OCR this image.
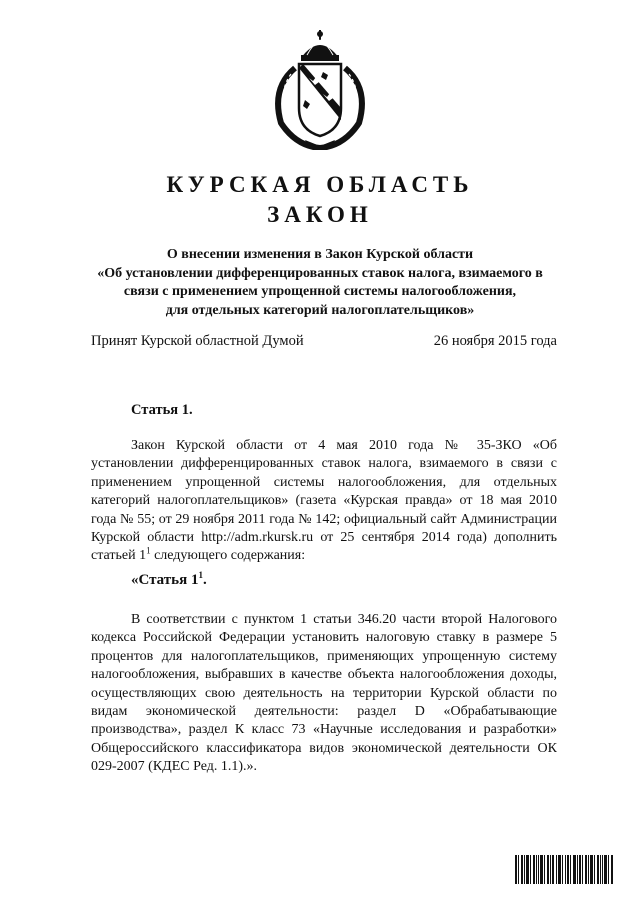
КУРСКАЯ ОБЛАСТЬ
ЗАКОН
О внесении изменения в Закон Курской области
«Об установлении дифференцированных ставок налога, взимаемого в
связи с применением упрощенной системы налогообложения,
для отдельных категорий налогоплательщиков»
Принят Курской областной Думой	26 ноября 2015 года
Статья 1.
Закон Курской области от 4 мая 2010 года № 35-ЗКО «Об установлении дифференцированных ставок налога, взимаемого в связи с применением упрощенной системы налогообложения, для отдельных категорий налогоплательщиков» (газета «Курская правда» от 18 мая 2010 года № 55; от 29 ноября 2011 года № 142; официальный сайт Администрации Курской области http://adm.rkursk.ru от 25 сентября 2014 года) дополнить статьей $1^1$ следующего содержания:
«Статья $1^1$.
В соответствии с пунктом 1 статьи 346.20 части второй Налогового кодекса Российской Федерации установить налоговую ставку в размере 5 процентов для налогоплательщиков, применяющих упрощенную систему налогообложения, выбравших в качестве объекта налогообложения доходы, осуществляющих свою деятельность на территории Курской области по видам экономической деятельности: раздел D «Обрабатывающие производства», раздел К класс 73 «Научные исследования и разработки» Общероссийского классификатора видов экономической деятельности ОК 029-2007 (КДЕС Ред. 1.1).».
